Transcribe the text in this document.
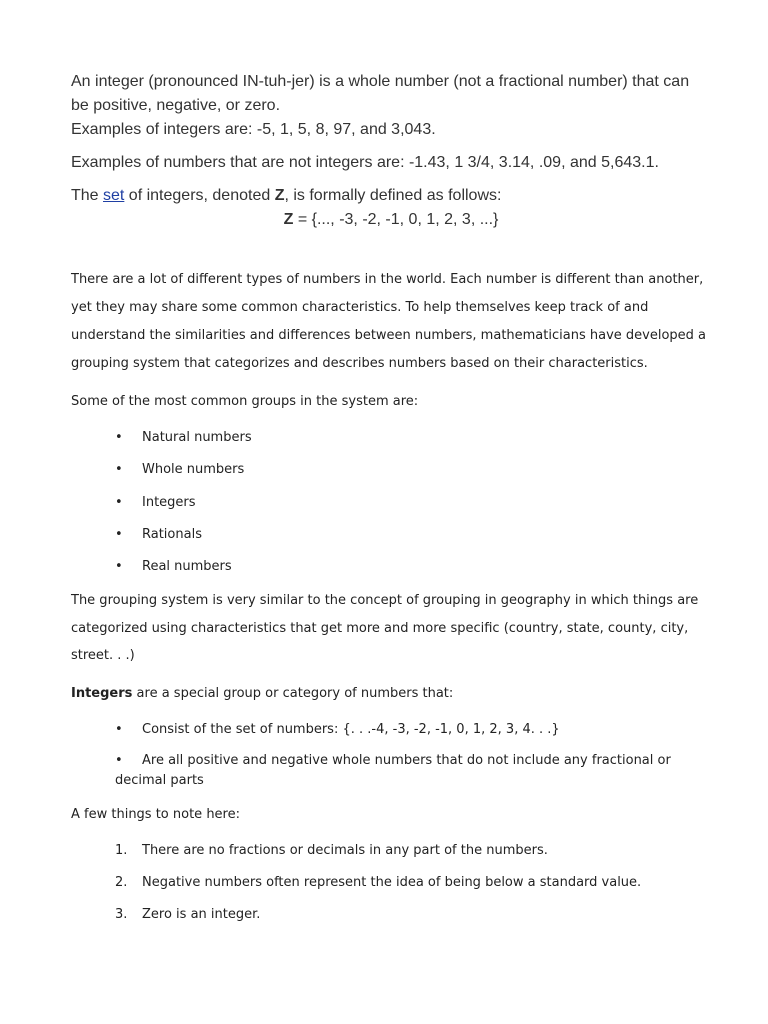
An integer (pronounced IN-tuh-jer) is a whole number (not a fractional number) that can be positive, negative, or zero.

Examples of integers are: -5, 1, 5, 8, 97, and 3,043.

Examples of numbers that are not integers are: -1.43, 1 3/4, 3.14, .09, and 5,643.1.

The set of integers, denoted Z, is formally defined as follows:

Z = {..., -3, -2, -1, 0, 1, 2, 3, ...}

There are a lot of different types of numbers in the world. Each number is different than another, yet they may share some common characteristics. To help themselves keep track of and understand the similarities and differences between numbers, mathematicians have developed a grouping system that categorizes and describes numbers based on their characteristics.

Some of the most common groups in the system are:

• Natural numbers
• Whole numbers
• Integers
• Rationals
• Real numbers

The grouping system is very similar to the concept of grouping in geography in which things are categorized using characteristics that get more and more specific (country, state, county, city, street. . .)

Integers are a special group or category of numbers that:

• Consist of the set of numbers: {. . .-4, -3, -2, -1, 0, 1, 2, 3, 4. . .}
• Are all positive and negative whole numbers that do not include any fractional or decimal parts

A few things to note here:

1. There are no fractions or decimals in any part of the numbers.
2. Negative numbers often represent the idea of being below a standard value.
3. Zero is an integer.
